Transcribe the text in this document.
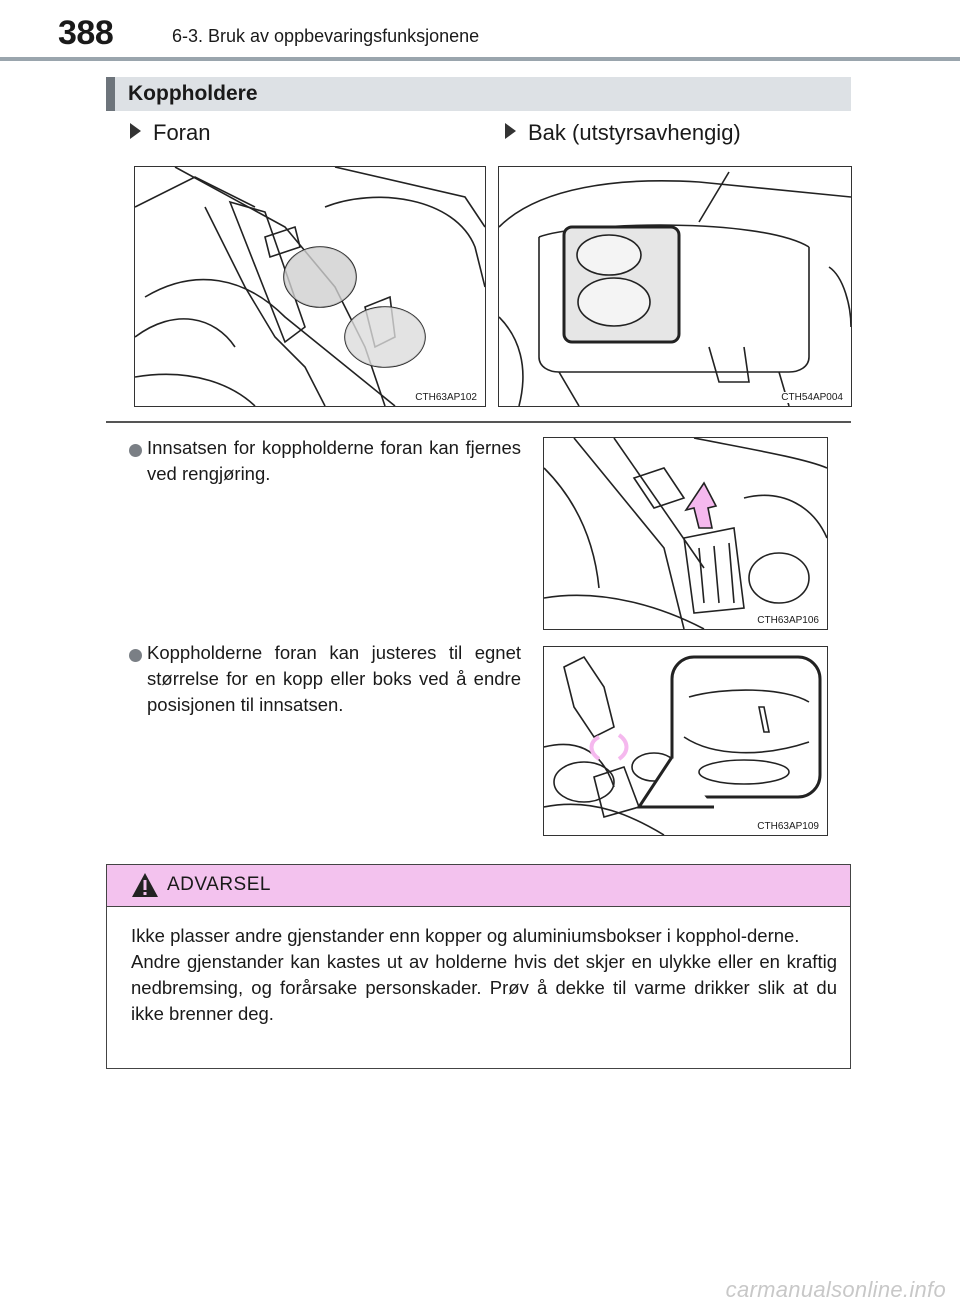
388	6-3. Bruk av oppbevaringsfunksjonene
Koppholdere
Foran	Bak (utstyrsavhengig)
CTH63AP102	CTH54AP004
Innsatsen for koppholderne foran kan fjernes ved rengjøring.
CTH63AP106
Koppholderne foran kan justeres til egnet størrelse for en kopp eller boks ved å endre posisjonen til innsatsen.
CTH63AP109
ADVARSEL
Ikke plasser andre gjenstander enn kopper og aluminiumsbokser i kopphol-derne.
Andre gjenstander kan kastes ut av holderne hvis det skjer en ulykke eller en kraftig nedbremsing, og forårsake personskader. Prøv å dekke til varme drikker slik at du ikke brenner deg.
carmanualsonline.info
